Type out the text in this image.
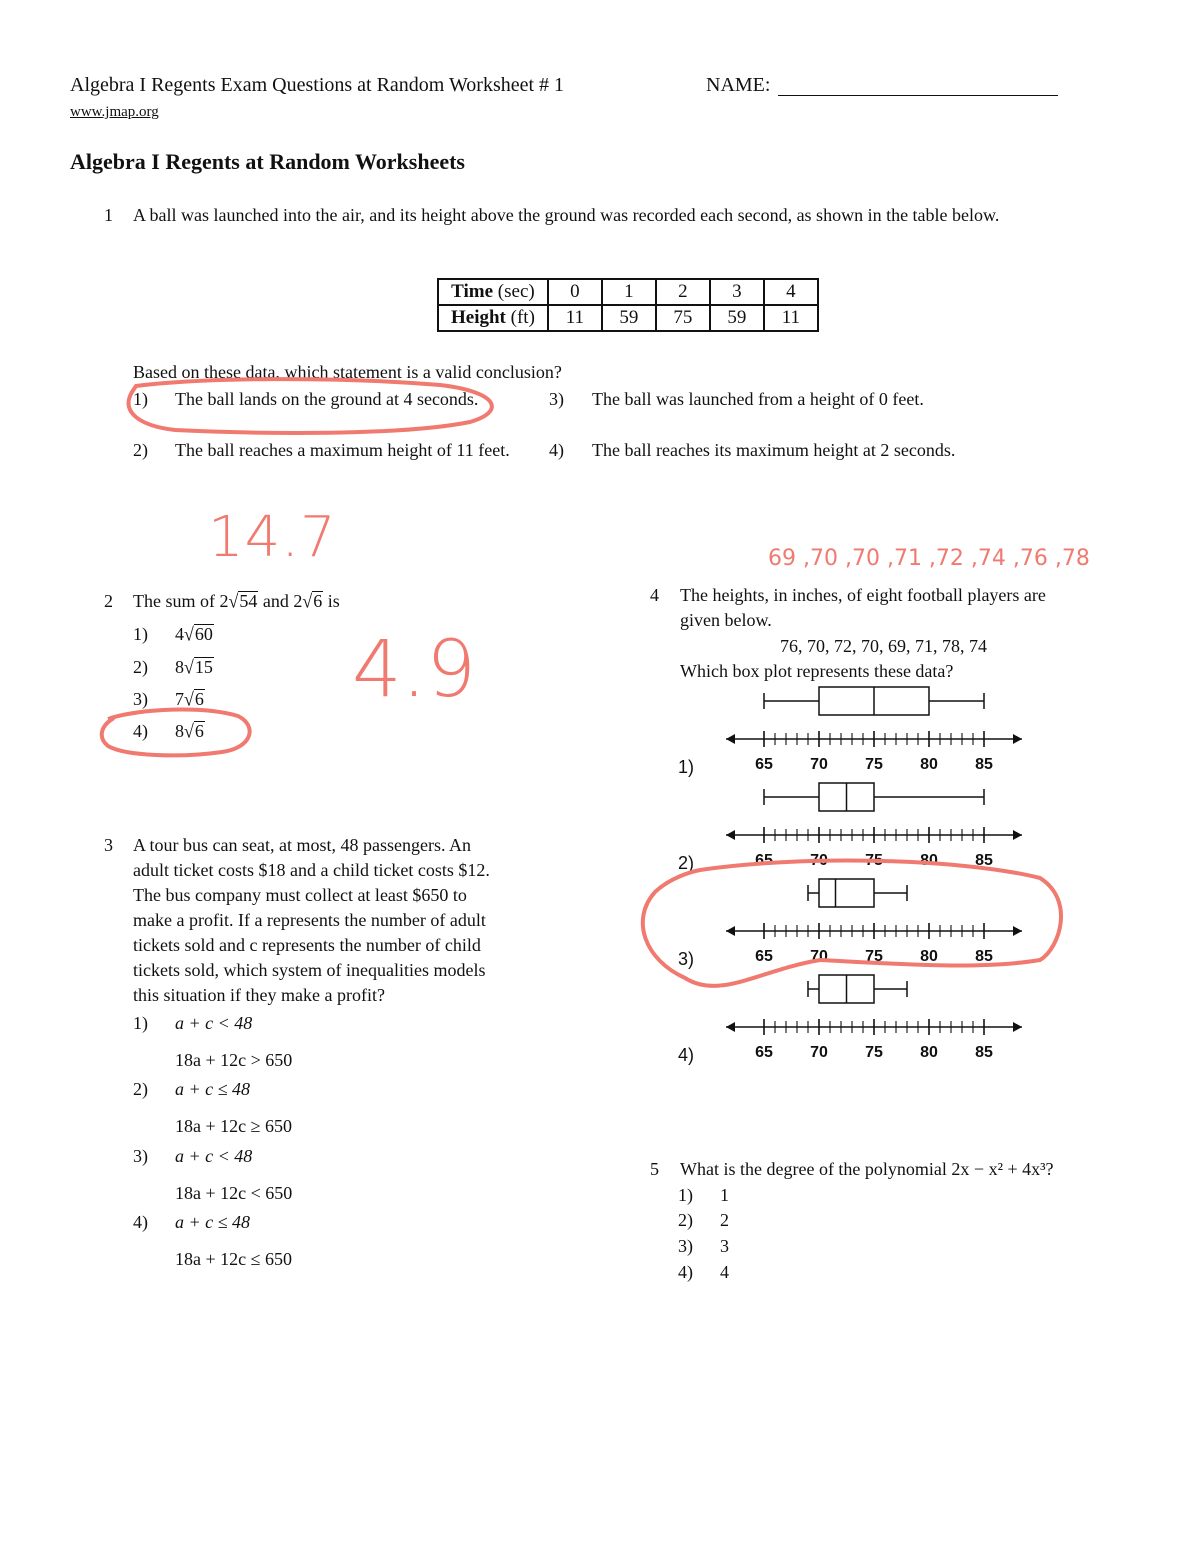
Algebra I Regents Exam Questions at Random Worksheet # 1	NAME:
www.jmap.org
Algebra I Regents at Random Worksheets
1 A ball was launched into the air, and its height above the ground was recorded each second, as shown in the table below.
Time (sec)	0	1	2	3	4
Height (ft)	11	59	75	59	11
Based on these data, which statement is a valid conclusion?
1) The ball lands on the ground at 4 seconds.
2) The ball reaches a maximum height of 11 feet.
3) The ball was launched from a height of 0 feet.
4) The ball reaches its maximum height at 2 seconds.
2 The sum of 2√54 and 2√6 is
1) 4√60
2) 8√15
3) 7√6
4) 8√6
3 A tour bus can seat, at most, 48 passengers. An
adult ticket costs $18 and a child ticket costs $12.
The bus company must collect at least $650 to
make a profit. If a represents the number of adult
tickets sold and c represents the number of child
tickets sold, which system of inequalities models
this situation if they make a profit?
1) a + c < 48
18a + 12c > 650
2) a + c ≤ 48
18a + 12c ≥ 650
3) a + c < 48
18a + 12c < 650
4) a + c ≤ 48
18a + 12c ≤ 650
4 The heights, in inches, of eight football players are
given below.
76, 70, 72, 70, 69, 71, 78, 74
Which box plot represents these data?
65 70 75 80 85
1)
65 70 75 80 85
2)
65 70 75 80 85
3)
65 70 75 80 85
4)
5 What is the degree of the polynomial 2x − x² + 4x³?
1) 1
2) 2
3) 3
4) 4
14.7
4.9
69 ,70 ,70 ,71 ,72 ,74 ,76 ,78
